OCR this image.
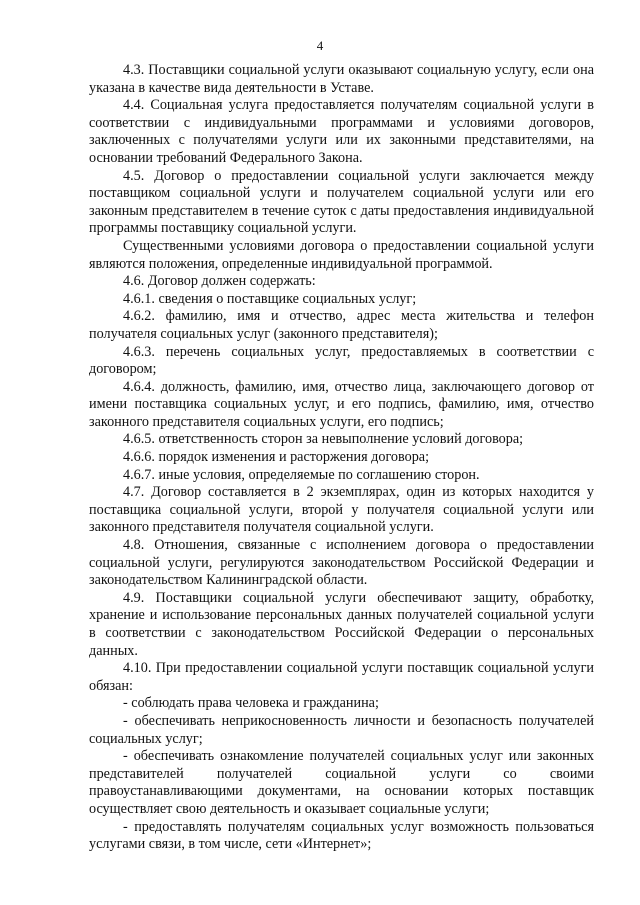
4

4.3. Поставщики социальной услуги оказывают социальную услугу, если она указана в качестве вида деятельности в Уставе.

4.4. Социальная услуга предоставляется получателям социальной услуги в соответствии с индивидуальными программами и условиями договоров, заключенных с получателями услуги или их законными представителями, на основании требований Федерального Закона.

4.5. Договор о предоставлении социальной услуги заключается между поставщиком социальной услуги и получателем социальной услуги или его законным представителем в течение суток с даты предоставления индивидуальной программы поставщику социальной услуги.

Существенными условиями договора о предоставлении социальной услуги являются положения, определенные индивидуальной программой.

4.6. Договор должен содержать:

4.6.1. сведения о поставщике социальных услуг;

4.6.2. фамилию, имя и отчество, адрес места жительства и телефон получателя социальных услуг (законного представителя);

4.6.3. перечень социальных услуг, предоставляемых в соответствии с договором;

4.6.4. должность, фамилию, имя, отчество лица, заключающего договор от имени поставщика социальных услуг, и его подпись, фамилию, имя, отчество законного представителя социальных услуги, его подпись;

4.6.5. ответственность сторон за невыполнение условий договора;

4.6.6. порядок изменения и расторжения договора;

4.6.7. иные условия, определяемые по соглашению сторон.

4.7. Договор составляется в 2 экземплярах, один из которых находится у поставщика социальной услуги, второй у получателя социальной услуги или законного представителя получателя социальной услуги.

4.8. Отношения, связанные с исполнением договора о предоставлении социальной услуги, регулируются законодательством Российской Федерации и законодательством Калининградской области.

4.9. Поставщики социальной услуги обеспечивают защиту, обработку, хранение и использование персональных данных получателей социальной услуги в соответствии с законодательством Российской Федерации о персональных данных.

4.10. При предоставлении социальной услуги поставщик социальной услуги обязан:

- соблюдать права человека и гражданина;

- обеспечивать неприкосновенность личности и безопасность получателей социальных услуг;

- обеспечивать ознакомление получателей социальных услуг или законных представителей получателей социальной услуги со своими правоустанавливающими документами, на основании которых поставщик осуществляет свою деятельность и оказывает социальные услуги;

- предоставлять получателям социальных услуг возможность пользоваться услугами связи, в том числе, сети «Интернет»;
